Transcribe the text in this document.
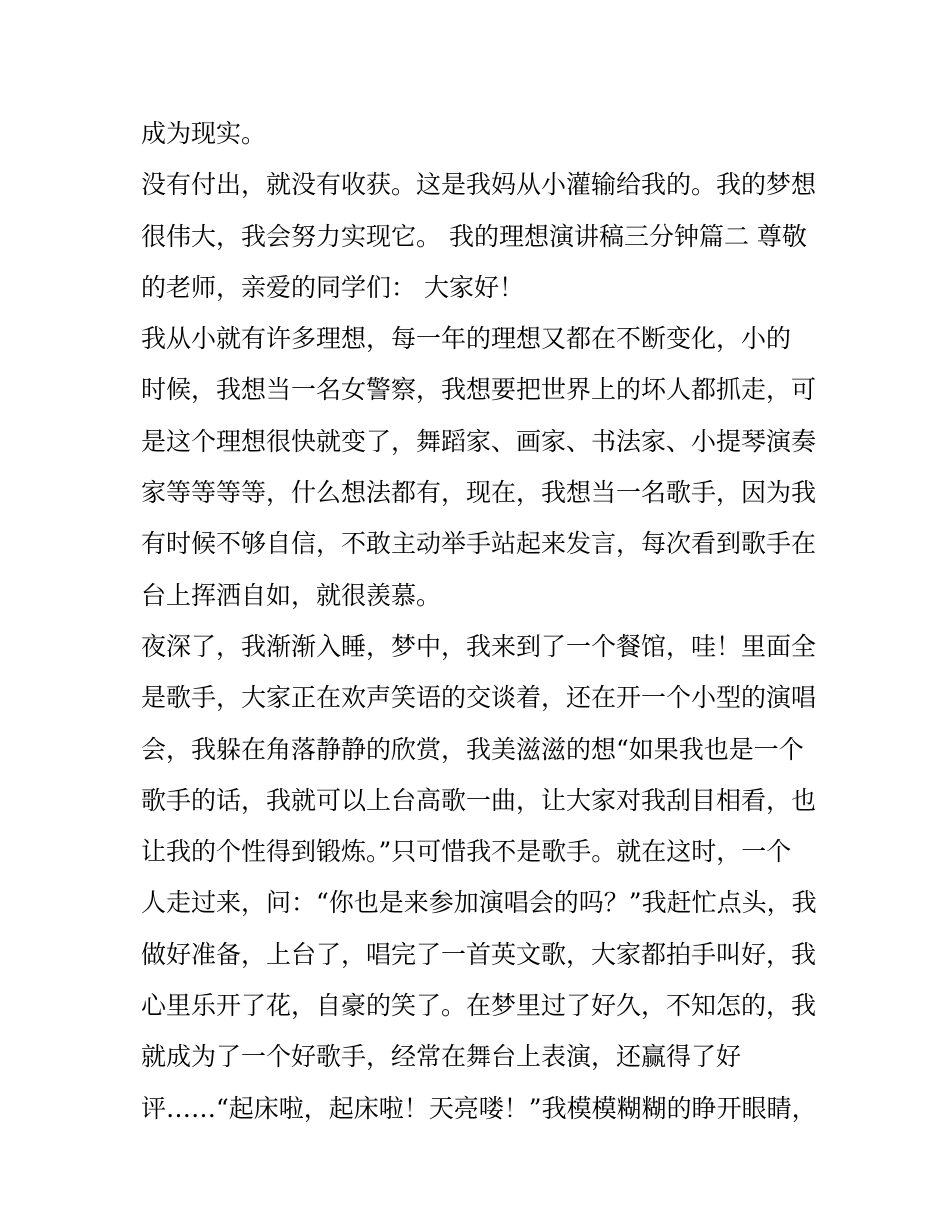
成为现实。
没有付出，就没有收获。这是我妈从小灌输给我的。我的梦想
很伟大，我会努力实现它。 我的理想演讲稿三分钟篇二 尊敬
的老师，亲爱的同学们： 大家好！
我从小就有许多理想，每一年的理想又都在不断变化，小的
时候，我想当一名女警察，我想要把世界上的坏人都抓走，可
是这个理想很快就变了，舞蹈家、画家、书法家、小提琴演奏
家等等等等，什么想法都有，现在，我想当一名歌手，因为我
有时候不够自信，不敢主动举手站起来发言，每次看到歌手在
台上挥洒自如，就很羡慕。
夜深了，我渐渐入睡，梦中，我来到了一个餐馆，哇！里面全
是歌手，大家正在欢声笑语的交谈着，还在开一个小型的演唱
会，我躲在角落静静的欣赏，我美滋滋的想“如果我也是一个
歌手的话，我就可以上台高歌一曲，让大家对我刮目相看，也
让我的个性得到锻炼。”只可惜我不是歌手。就在这时，一个
人走过来，问：“你也是来参加演唱会的吗？”我赶忙点头，我
做好准备，上台了，唱完了一首英文歌，大家都拍手叫好，我
心里乐开了花，自豪的笑了。在梦里过了好久，不知怎的，我
就成为了一个好歌手，经常在舞台上表演，还赢得了好
评……“起床啦，起床啦！天亮喽！”我模模糊糊的睁开眼睛，
